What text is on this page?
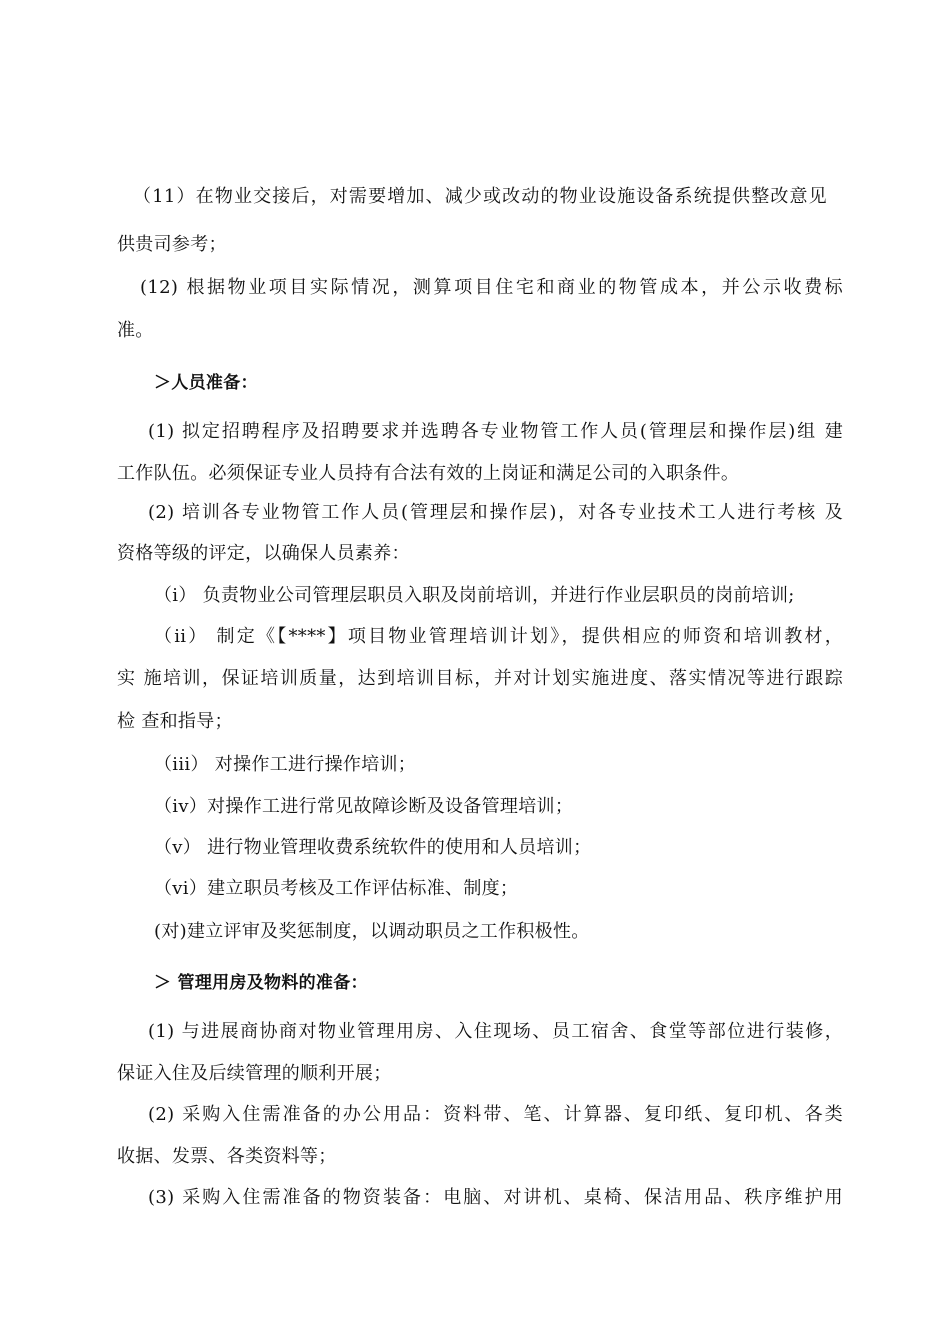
（11）在物业交接后，对需要增加、减少或改动的物业设施设备系统提供整改意见
供贵司参考；
(12) 根据物业项目实际情况，测算项目住宅和商业的物管成本，并公示收费标
准。
＞人员准备：
(1) 拟定招聘程序及招聘要求并选聘各专业物管工作人员(管理层和操作层)组 建
工作队伍。必须保证专业人员持有合法有效的上岗证和满足公司的入职条件。
(2) 培训各专业物管工作人员(管理层和操作层)，对各专业技术工人进行考核 及
资格等级的评定，以确保人员素养：
（i） 负责物业公司管理层职员入职及岗前培训，并进行作业层职员的岗前培训;
（ii） 制定《【****】项目物业管理培训计划》，提供相应的师资和培训教材，
实 施培训，保证培训质量，达到培训目标，并对计划实施进度、落实情况等进行跟踪
检 查和指导；
（iii） 对操作工进行操作培训；
（iv）对操作工进行常见故障诊断及设备管理培训；
（v） 进行物业管理收费系统软件的使用和人员培训；
（vi）建立职员考核及工作评估标准、制度；
(对)建立评审及奖惩制度，以调动职员之工作积极性。
＞ 管理用房及物料的准备：
(1) 与进展商协商对物业管理用房、入住现场、员工宿舍、食堂等部位进行装修，
保证入住及后续管理的顺利开展；
(2) 采购入住需准备的办公用品：资料带、笔、计算器、复印纸、复印机、各类
收据、发票、各类资料等；
(3) 采购入住需准备的物资装备：电脑、对讲机、桌椅、保洁用品、秩序维护用
